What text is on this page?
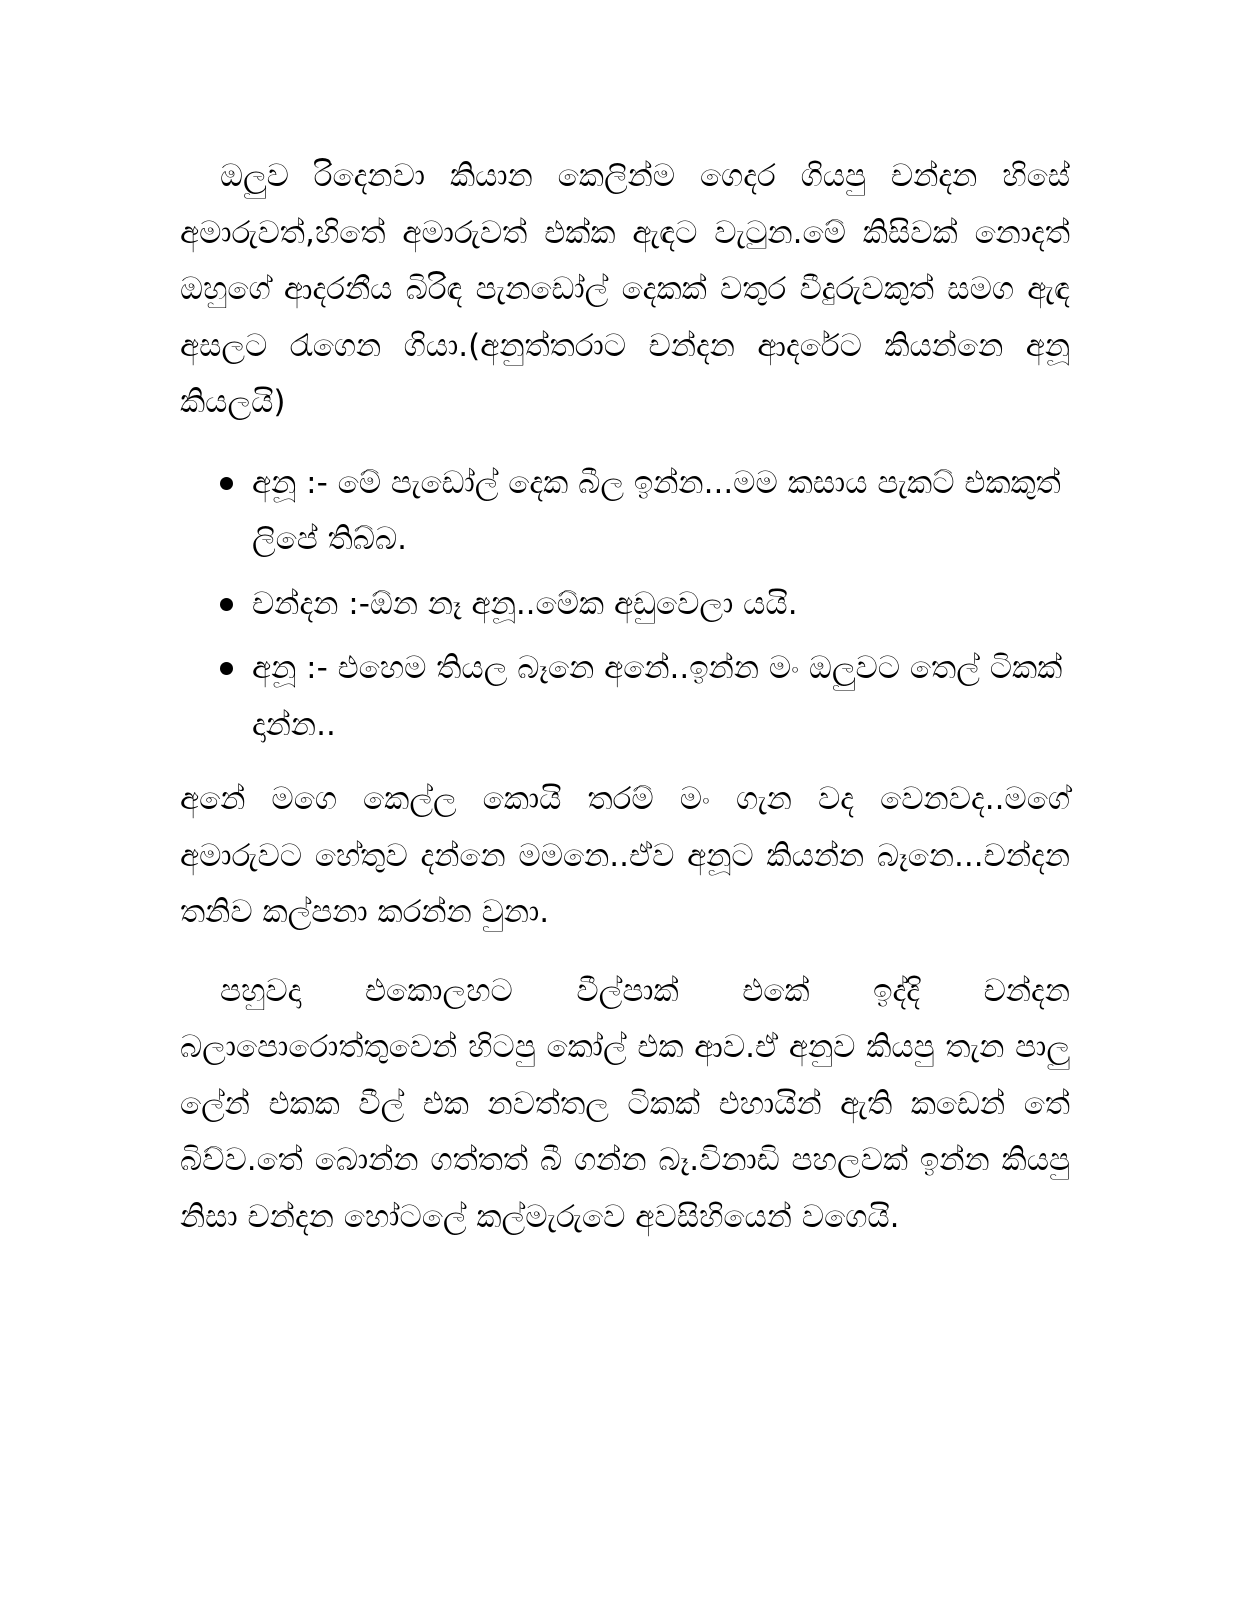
ඔලුව රිදෙනවා කියාන කෙලින්ම ගෙදර ගියපු චන්දන හිසේ අමාරුවත්,හිතේ අමාරුවත් එක්ක ඇඳට වැටුන.මේ කිසිවක් නොදත් ඔහුගේ ආදරනීය බිරිඳ පැනඩෝල් දෙකක් වතුර වීදුරුවකුත් සමග ඇඳ අසලට රැගෙන ගියා.(අනුත්තරාට චන්දන ආදරේට කියන්නෙ අනූ කියලයි)

අනූ :- මේ පැඩෝල් දෙක බීල ඉන්න...මම කසාය පැකට් එකකුත් ලිපේ තිබ්බ.
චන්දන :-ඕන නෑ අනූ..මේක අඩුවෙලා යයි.
අනූ :- එහෙම තියල බෑනෙ අනේ..ඉන්න මං ඔලුවට තෙල් ටිකක් දාන්න..

අනේ මගෙ කෙල්ල කොයි තරම් මං ගැන වද වෙනවද..මගේ අමාරුවට හේතුව දන්නෙ මමනෙ..ඒව අනූට කියන්න බෑනෙ...චන්දන තනිව කල්පනා කරන්න වුනා.

පහුවදා එකොලහට වීල්පාක් එකේ ඉද්දි චන්දන බලාපොරොත්තුවෙන් හිටපු කෝල් එක ආව.ඒ අනුව කියපු තැන පාලු ලේන් එකක වීල් එක නවත්තල ටිකක් එහායින් ඇති කඩෙන් තේ බිව්ව.තේ බොන්න ගත්තත් බී ගන්න බෑ.විනාඩි පහලවක් ඉන්න කියපු නිසා චන්දන හෝටලේ කල්මැරුවෙ අවසිහියෙන් වගෙයි.
